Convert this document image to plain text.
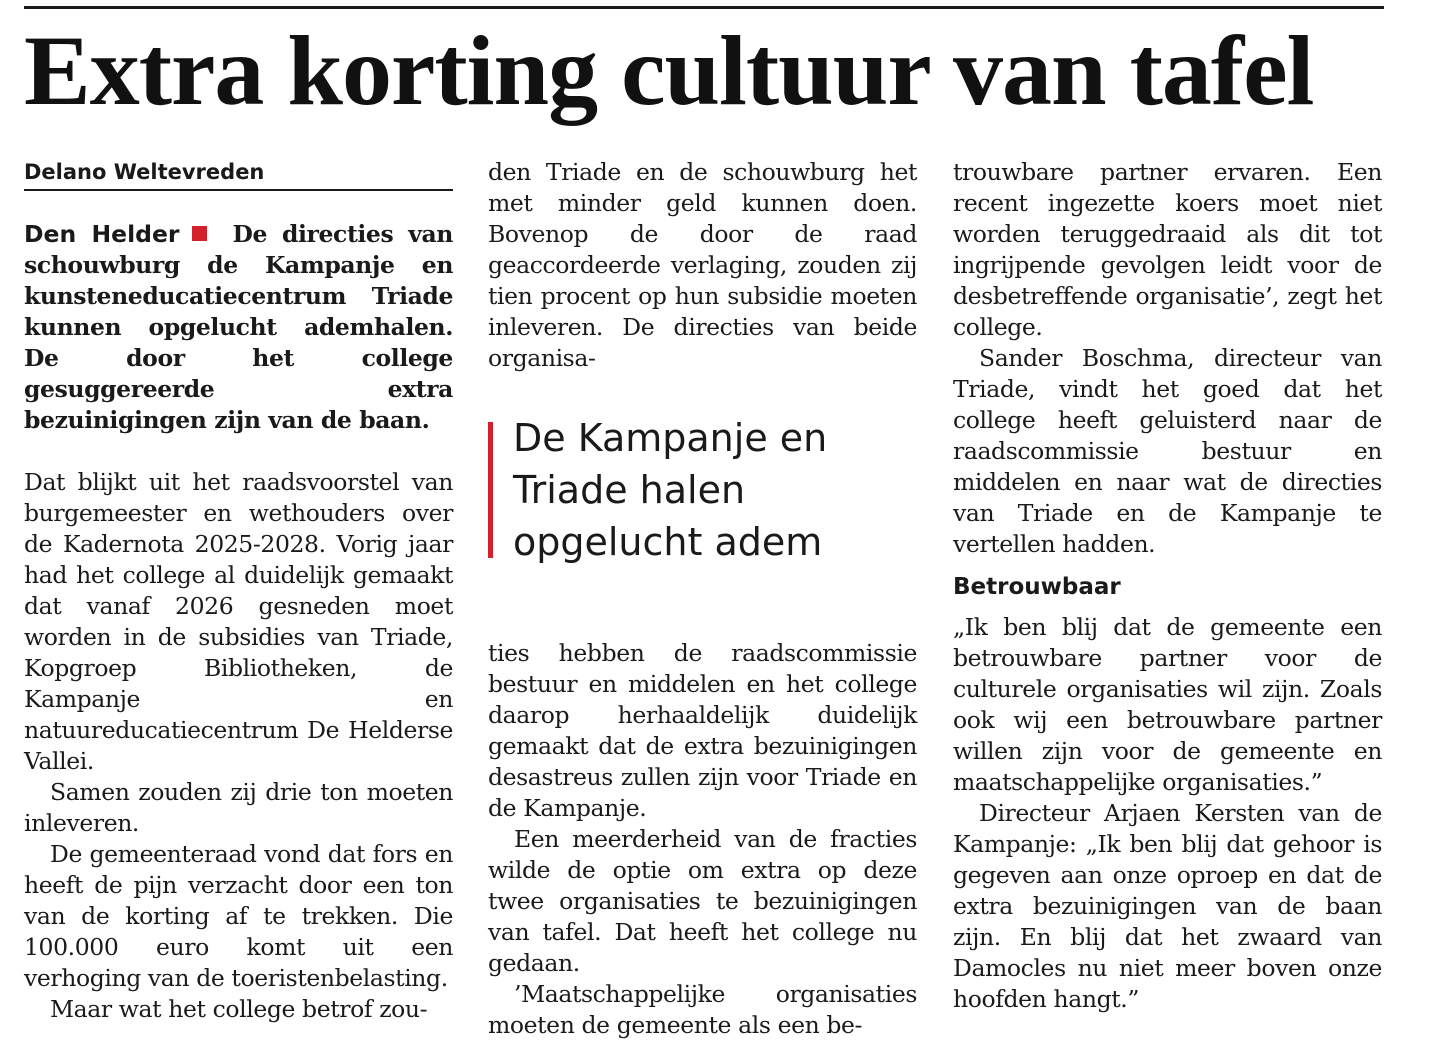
Extra korting cultuur van tafel
Delano Weltevreden

Den Helder De directies van schouwburg de Kampanje en kunsteneducatiecentrum Triade kunnen opgelucht ademhalen. De door het college gesuggereerde extra bezuinigingen zijn van de baan.

Dat blijkt uit het raadsvoorstel van burgemeester en wethouders over de Kadernota 2025-2028. Vorig jaar had het college al duidelijk gemaakt dat vanaf 2026 gesneden moet worden in de subsidies van Triade, Kopgroep Bibliotheken, de Kampanje en natuureducatiecentrum De Helderse Vallei.

Samen zouden zij drie ton moeten inleveren.

De gemeenteraad vond dat fors en heeft de pijn verzacht door een ton van de korting af te trekken. Die 100.000 euro komt uit een verhoging van de toeristenbelasting.

Maar wat het college betrof zou-

den Triade en de schouwburg het met minder geld kunnen doen. Bovenop de door de raad geaccordeerde verlaging, zouden zij tien procent op hun subsidie moeten inleveren. De directies van beide organisa-

De Kampanje en
Triade halen
opgelucht adem

ties hebben de raadscommissie bestuur en middelen en het college daarop herhaaldelijk duidelijk gemaakt dat de extra bezuinigingen desastreus zullen zijn voor Triade en de Kampanje.

Een meerderheid van de fracties wilde de optie om extra op deze twee organisaties te bezuinigingen van tafel. Dat heeft het college nu gedaan.

’Maatschappelijke organisaties moeten de gemeente als een be-

trouwbare partner ervaren. Een recent ingezette koers moet niet worden teruggedraaid als dit tot ingrijpende gevolgen leidt voor de desbetreffende organisatie’, zegt het college.

Sander Boschma, directeur van Triade, vindt het goed dat het college heeft geluisterd naar de raadscommissie bestuur en middelen en naar wat de directies van Triade en de Kampanje te vertellen hadden.

Betrouwbaar

„Ik ben blij dat de gemeente een betrouwbare partner voor de culturele organisaties wil zijn. Zoals ook wij een betrouwbare partner willen zijn voor de gemeente en maatschappelijke organisaties.”

Directeur Arjaen Kersten van de Kampanje: „Ik ben blij dat gehoor is gegeven aan onze oproep en dat de extra bezuinigingen van de baan zijn. En blij dat het zwaard van Damocles nu niet meer boven onze hoofden hangt.”
